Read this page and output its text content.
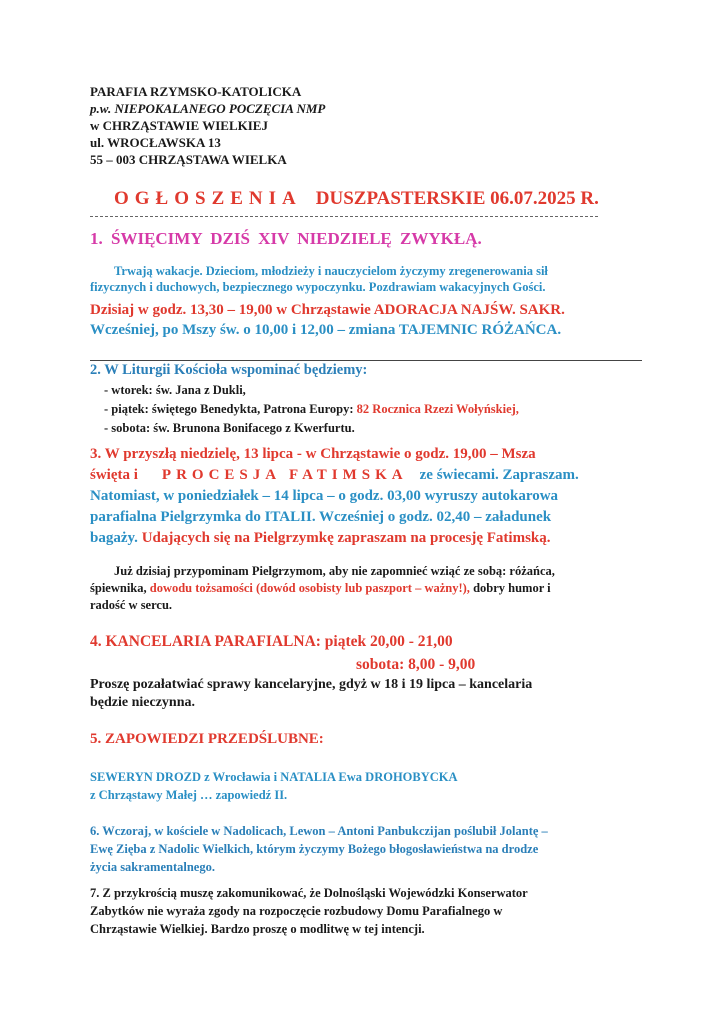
PARAFIA RZYMSKO-KATOLICKA
p.w. NIEPOKALANEGO POCZĘCIA NMP
w CHRZĄSTAWIE WIELKIEJ
ul. WROCŁAWSKA 13
55 – 003 CHRZĄSTAWA WIELKA
OGŁOSZENIA DUSZPASTERSKIE 06.07.2025 R.
1. ŚWIĘCIMY DZIŚ XIV NIEDZIELĘ ZWYKŁĄ.
Trwają wakacje. Dzieciom, młodzieży i nauczycielom życzymy zregenerowania sił
fizycznych i duchowych, bezpiecznego wypoczynku. Pozdrawiam wakacyjnych Gości.
Dzisiaj w godz. 13,30 – 19,00 w Chrząstawie ADORACJA NAJŚW. SAKR.
Wcześniej, po Mszy św. o 10,00 i 12,00 – zmiana TAJEMNIC RÓŻAŃCA.
2. W Liturgii Kościoła wspominać będziemy:
- wtorek: św. Jana z Dukli,
- piątek: świętego Benedykta, Patrona Europy: 82 Rocznica Rzezi Wołyńskiej,
- sobota: św. Brunona Bonifacego z Kwerfurtu.
3. W przyszłą niedzielę, 13 lipca - w Chrząstawie o godz. 19,00 – Msza
święta i PROCESJA FATIMSKA ze świecami. Zapraszam.
Natomiast, w poniedziałek – 14 lipca – o godz. 03,00 wyruszy autokarowa
parafialna Pielgrzymka do ITALII. Wcześniej o godz. 02,40 – załadunek
bagaży. Udających się na Pielgrzymkę zapraszam na procesję Fatimską.
Już dzisiaj przypominam Pielgrzymom, aby nie zapomnieć wziąć ze sobą: różańca,
śpiewnika, dowodu tożsamości (dowód osobisty lub paszport – ważny!), dobry humor i
radość w sercu.
4. KANCELARIA PARAFIALNA: piątek 20,00 - 21,00
sobota: 8,00 - 9,00
Proszę pozałatwiać sprawy kancelaryjne, gdyż w 18 i 19 lipca – kancelaria
będzie nieczynna.
5. ZAPOWIEDZI PRZEDŚLUBNE:
SEWERYN DROZD z Wrocławia i NATALIA Ewa DROHOBYCKA
z Chrząstawy Małej … zapowiedź II.
6. Wczoraj, w kościele w Nadolicach, Lewon – Antoni Panbukczijan poślubił Jolantę –
Ewę Zięba z Nadolic Wielkich, którym życzymy Bożego błogosławieństwa na drodze
życia sakramentalnego.
7. Z przykrością muszę zakomunikować, że Dolnośląski Wojewódzki Konserwator
Zabytków nie wyraża zgody na rozpoczęcie rozbudowy Domu Parafialnego w
Chrząstawie Wielkiej. Bardzo proszę o modlitwę w tej intencji.
